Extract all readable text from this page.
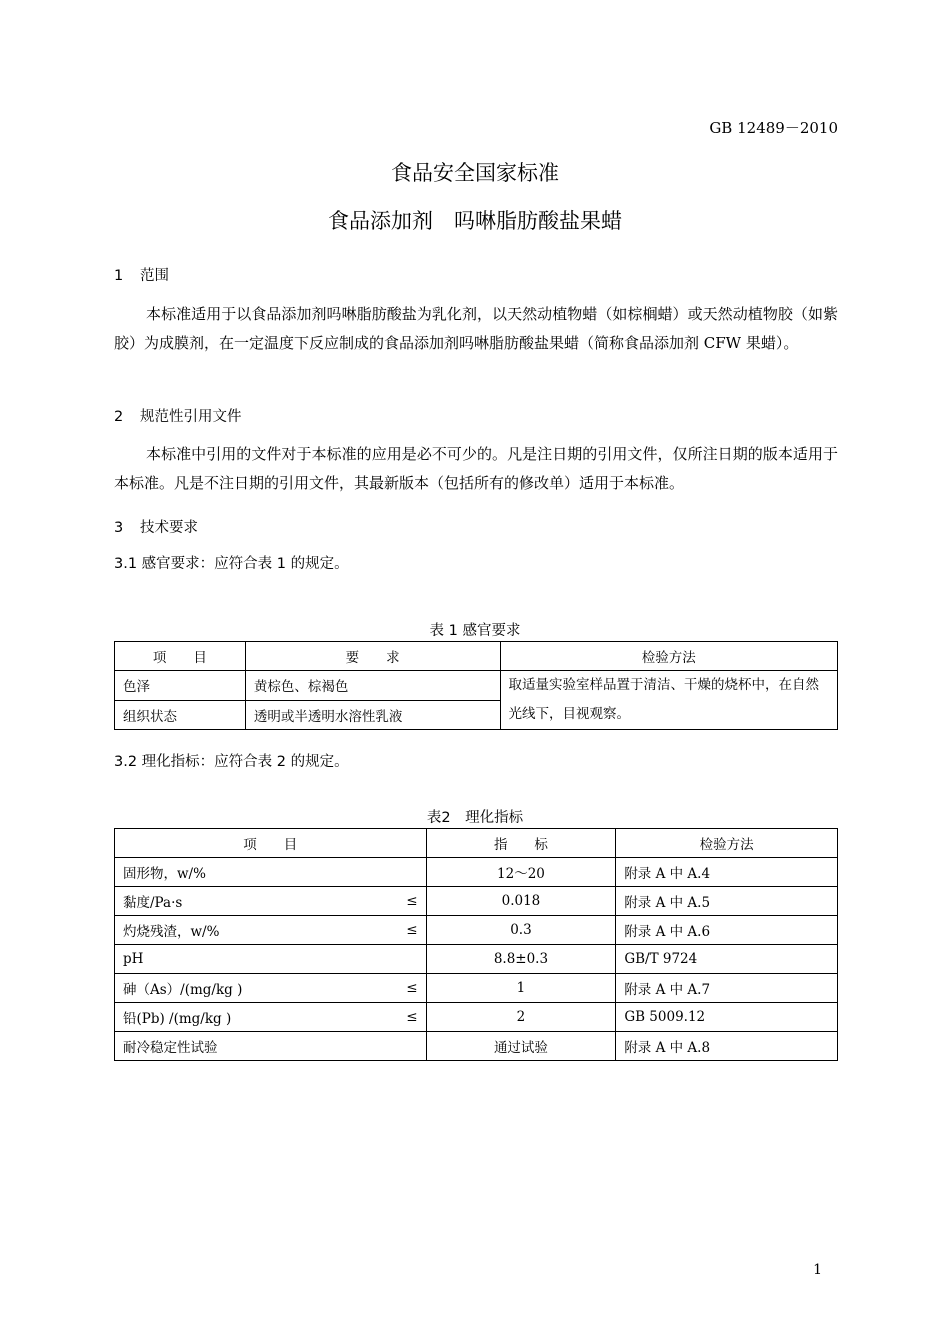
GB 12489－2010
食品安全国家标准
食品添加剂　吗啉脂肪酸盐果蜡
1 范围
本标准适用于以食品添加剂吗啉脂肪酸盐为乳化剂，以天然动植物蜡（如棕榈蜡）或天然动植物胶（如紫胶）为成膜剂，在一定温度下反应制成的食品添加剂吗啉脂肪酸盐果蜡（简称食品添加剂 CFW 果蜡）。
2 规范性引用文件
本标准中引用的文件对于本标准的应用是必不可少的。凡是注日期的引用文件，仅所注日期的版本适用于本标准。凡是不注日期的引用文件，其最新版本（包括所有的修改单）适用于本标准。
3 技术要求
3.1 感官要求：应符合表 1 的规定。
表 1 感官要求
项　　目	要　　求	检验方法
色泽	黄棕色、棕褐色	取适量实验室样品置于清洁、干燥的烧杯中，在自然光线下，目视观察。
组织状态	透明或半透明水溶性乳液	
3.2 理化指标：应符合表 2 的规定。
表2　理化指标
项　　目	指　　标	检验方法

固形物，w/%	12～20	附录 A 中 A.4

黏度/Pa·s ≤	0.018	附录 A 中 A.5

灼烧残渣，w/% ≤	0.3	附录 A 中 A.6

pH	8.8±0.3	GB/T 9724

砷（As）/(mg/kg ) ≤	1	附录 A 中 A.7

铅(Pb) /(mg/kg ) ≤	2	GB 5009.12

耐冷稳定性试验	通过试验	附录 A 中 A.8
1
